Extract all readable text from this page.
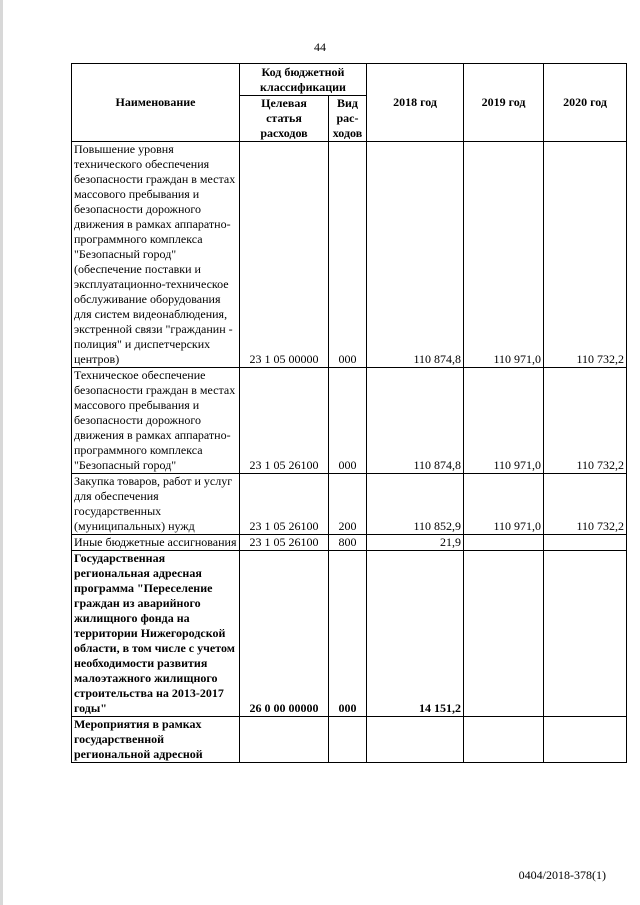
44
Наименование	Код бюджетной классификации		2018 год	2019 год	2020 год
	Целевая статья расходов	Вид рас-ходов			
Повышение уровня технического обеспечения безопасности граждан в местах массового пребывания и безопасности дорожного движения в рамках аппаратно-программного комплекса "Безопасный город" (обеспечение поставки и эксплуатационно-техническое обслуживание оборудования для систем видеонаблюдения, экстренной связи "гражданин - полиция" и диспетчерских центров)	23 1 05 00000	000	110 874,8	110 971,0	110 732,2
Техническое обеспечение безопасности граждан в местах массового пребывания и безопасности дорожного движения в рамках аппаратно-программного комплекса "Безопасный город"	23 1 05 26100	000	110 874,8	110 971,0	110 732,2
Закупка товаров, работ и услуг для обеспечения государственных (муниципальных) нужд	23 1 05 26100	200	110 852,9	110 971,0	110 732,2
Иные бюджетные ассигнования	23 1 05 26100	800	21,9		
Государственная региональная адресная программа "Переселение граждан из аварийного жилищного фонда на территории Нижегородской области, в том числе с учетом необходимости развития малоэтажного жилищного строительства на 2013-2017 годы"	26 0 00 00000	000	14 151,2		
Мероприятия в рамках государственной региональной адресной					
0404/2018-378(1)
